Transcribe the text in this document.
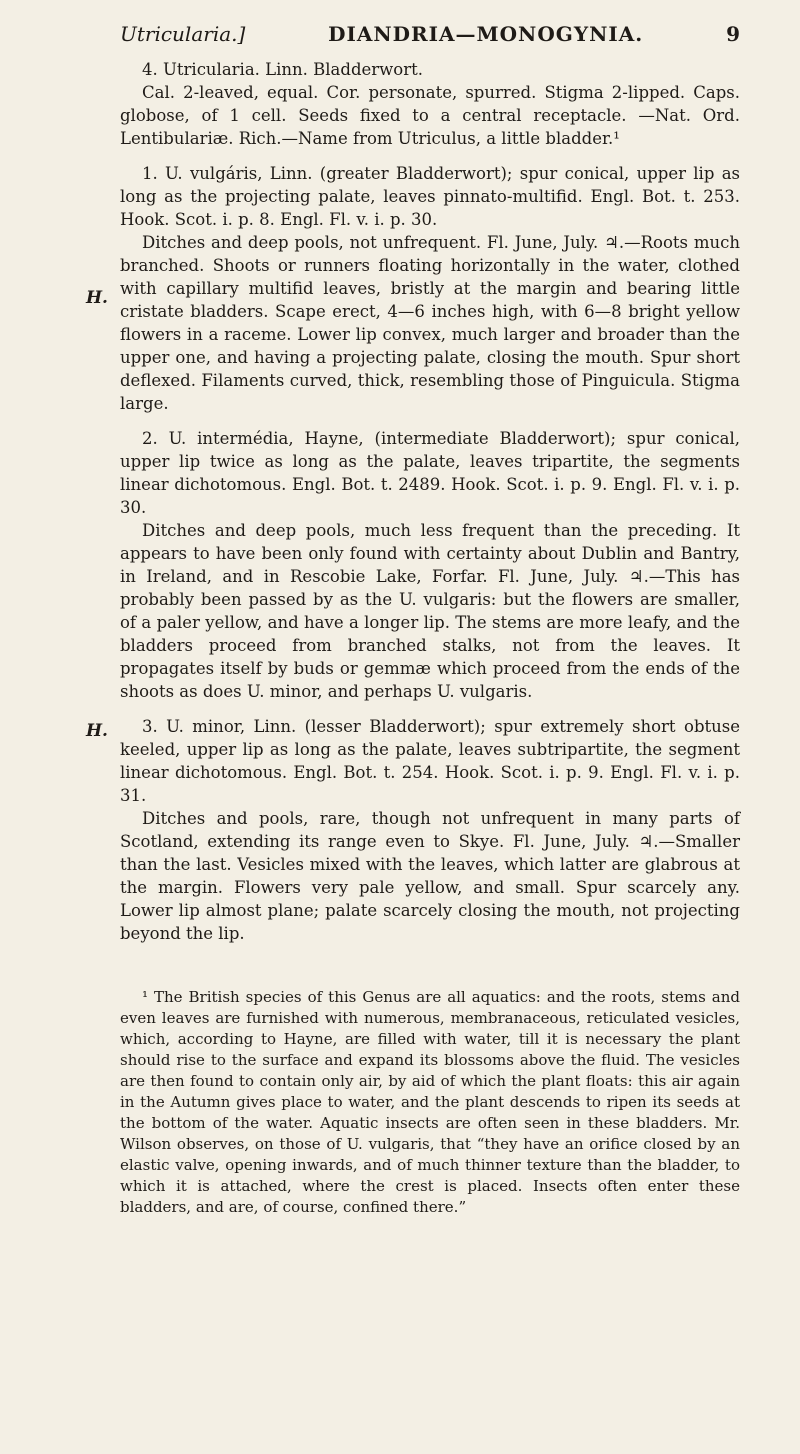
Utricularia.]	DIANDRIA—MONOGYNIA.	9
H.
H.

4. Utricularia. Linn. Bladderwort.

Cal. 2-leaved, equal. Cor. personate, spurred. Stigma 2-lipped. Caps. globose, of 1 cell. Seeds fixed to a central receptacle. —Nat. Ord. Lentibulariæ. Rich.—Name from Utriculus, a little bladder.¹

1. U. vulgáris, Linn. (greater Bladderwort); spur conical, upper lip as long as the projecting palate, leaves pinnato-multifid. Engl. Bot. t. 253. Hook. Scot. i. p. 8. Engl. Fl. v. i. p. 30.

Ditches and deep pools, not unfrequent. Fl. June, July. ♃.—Roots much branched. Shoots or runners floating horizontally in the water, clothed with capillary multifid leaves, bristly at the margin and bearing little cristate bladders. Scape erect, 4—6 inches high, with 6—8 bright yellow flowers in a raceme. Lower lip convex, much larger and broader than the upper one, and having a projecting palate, closing the mouth. Spur short deflexed. Filaments curved, thick, resembling those of Pinguicula. Stigma large.

2. U. intermédia, Hayne, (intermediate Bladderwort); spur conical, upper lip twice as long as the palate, leaves tripartite, the segments linear dichotomous. Engl. Bot. t. 2489. Hook. Scot. i. p. 9. Engl. Fl. v. i. p. 30.

Ditches and deep pools, much less frequent than the preceding. It appears to have been only found with certainty about Dublin and Bantry, in Ireland, and in Rescobie Lake, Forfar. Fl. June, July. ♃.—This has probably been passed by as the U. vulgaris: but the flowers are smaller, of a paler yellow, and have a longer lip. The stems are more leafy, and the bladders proceed from branched stalks, not from the leaves. It propagates itself by buds or gemmæ which proceed from the ends of the shoots as does U. minor, and perhaps U. vulgaris.

3. U. minor, Linn. (lesser Bladderwort); spur extremely short obtuse keeled, upper lip as long as the palate, leaves subtripartite, the segment linear dichotomous. Engl. Bot. t. 254. Hook. Scot. i. p. 9. Engl. Fl. v. i. p. 31.

Ditches and pools, rare, though not unfrequent in many parts of Scotland, extending its range even to Skye. Fl. June, July. ♃.—Smaller than the last. Vesicles mixed with the leaves, which latter are glabrous at the margin. Flowers very pale yellow, and small. Spur scarcely any. Lower lip almost plane; palate scarcely closing the mouth, not projecting beyond the lip.

¹ The British species of this Genus are all aquatics: and the roots, stems and even leaves are furnished with numerous, membranaceous, reticulated vesicles, which, according to Hayne, are filled with water, till it is necessary the plant should rise to the surface and expand its blossoms above the fluid. The vesicles are then found to contain only air, by aid of which the plant floats: this air again in the Autumn gives place to water, and the plant descends to ripen its seeds at the bottom of the water. Aquatic insects are often seen in these bladders. Mr. Wilson observes, on those of U. vulgaris, that “they have an orifice closed by an elastic valve, opening inwards, and of much thinner texture than the bladder, to which it is attached, where the crest is placed. Insects often enter these bladders, and are, of course, confined there.”
